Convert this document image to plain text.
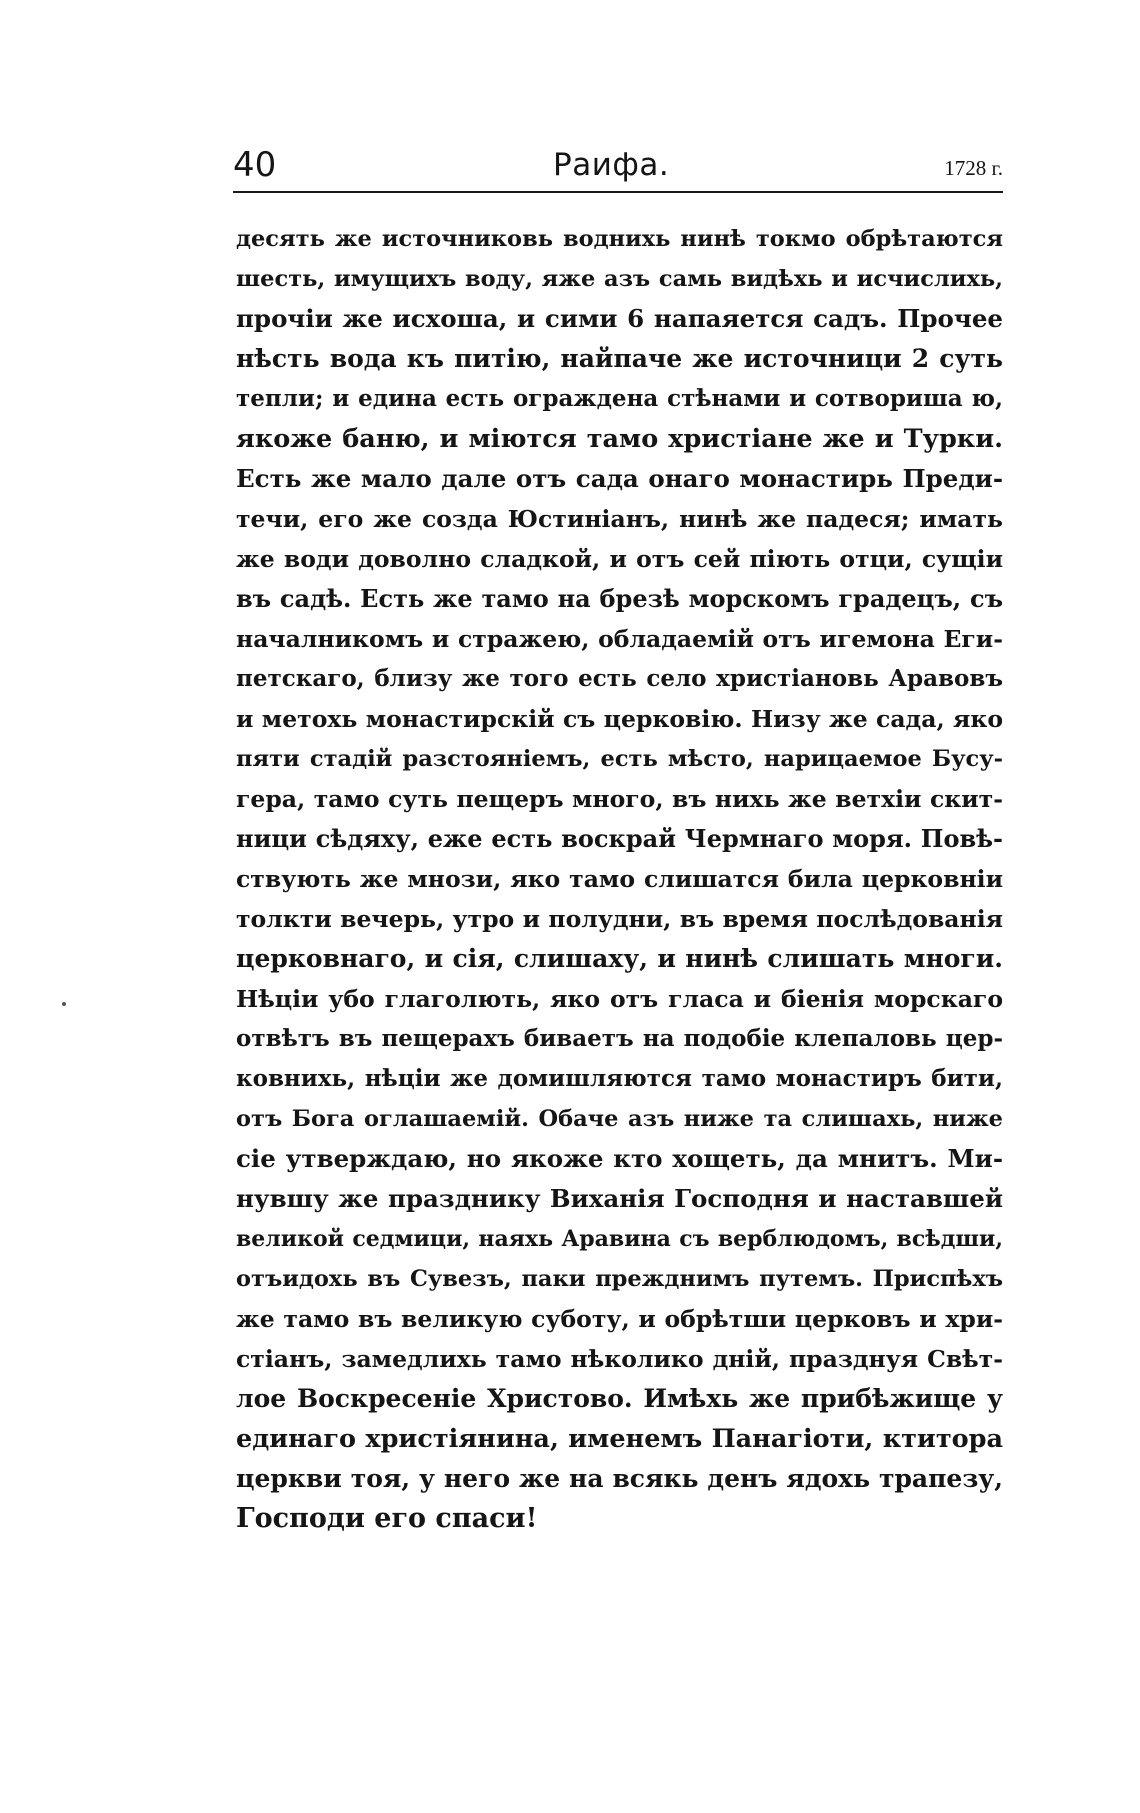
40	Раифа.	1728 г.
десять же источниковь водниxь нинѣ токмо обрѣтаются
шесть, имущихъ воду, яже азъ самь видѣхь и исчислихь,
прочіи же исхоша, и сими 6 напаяется садъ. Прочее
нѣсть вода къ питію, найпаче же источници 2 суть
тепли; и едина есть ограждена стѣнами и сотвориша ю,
якоже баню, и міются тамо христіане же и Турки.
Есть же мало дале отъ сада онаго монастирь Преди-
течи, его же созда Юстиніанъ, нинѣ же падеся; имать
же води доволно сладкой, и отъ сей піють отци, сущіи
въ садѣ. Есть же тамо на брезѣ морскомъ градецъ, съ
началникомъ и стражею, обладаемій отъ игемона Еги-
петскаго, близу же того есть село христіановь Аравовъ
и метохь монастирскій съ церковію. Низу же сада, яко
пяти стадій разстояніемъ, есть мѣсто, нарицаемое Бусу-
гера, тамо суть пещеръ много, въ нихь же ветхіи скит-
ници сѣдяху, еже есть воскрай Чермнаго моря. Повѣ-
ствують же мнози, яко тамо слишатся била церковніи
толкти вечерь, утро и полудни, въ время послѣдованія
церковнаго, и сія, слишаху, и нинѣ слишать многи.
Нѣціи убо глаголють, яко отъ гласа и біенія морскаго
отвѣтъ въ пещерахъ биваетъ на подобіе клепаловь цер-
ковнихь, нѣціи же домишляются тамо монастиръ бити,
отъ Бога оглашаемій. Обаче азъ ниже та слишахь, ниже
сіе утверждаю, но якоже кто хощеть, да мнитъ. Ми-
нувшу же празднику Виханія Господня и наставшей
великой седмици, наяхь Аравина съ верблюдомъ, вcѣдши,
отъидохь въ Сувезъ, паки прежднимъ путемъ. Приспѣхъ
же тамо въ великую суботу, и обрѣтши церковъ и хри-
стіанъ, замедлихь тамо нѣколико дній, празднуя Свѣт-
лое Воскресеніе Христово. Имѣхь же прибѣжище у
единаго христіянина, именемъ Панагіоти, ктитора
церкви тоя, у него же на всякь денъ ядохь трапезу,
Господи его спаси!
